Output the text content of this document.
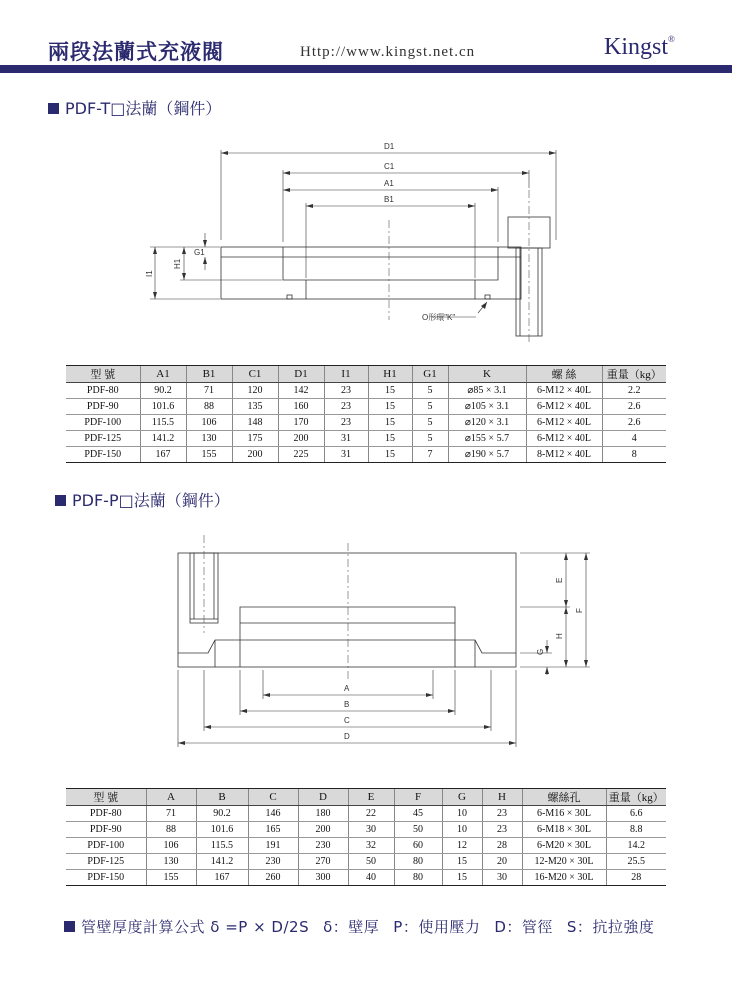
兩段法蘭式充液閥	Http://www.kingst.net.cn	Kingst®
PDF-T□法蘭（鋼件）
D1
C1
A1
B1
G1
H1
I1
O形環"K"
型 號	A1	B1	C1	D1	I1	H1	G1	K	螺 絲	重量（kg）
PDF-80	90.2	71	120	142	23	15	5	⌀85 × 3.1	6-M12 × 40L	2.2
PDF-90	101.6	88	135	160	23	15	5	⌀105 × 3.1	6-M12 × 40L	2.6
PDF-100	115.5	106	148	170	23	15	5	⌀120 × 3.1	6-M12 × 40L	2.6
PDF-125	141.2	130	175	200	31	15	5	⌀155 × 5.7	6-M12 × 40L	4
PDF-150	167	155	200	225	31	15	7	⌀190 × 5.7	8-M12 × 40L	8
PDF-P□法蘭（鋼件）
A
B
C
D
E
F
H
G
型 號	A	B	C	D	E	F	G	H	螺絲孔	重量（kg）
PDF-80	71	90.2	146	180	22	45	10	23	6-M16 × 30L	6.6
PDF-90	88	101.6	165	200	30	50	10	23	6-M18 × 30L	8.8
PDF-100	106	115.5	191	230	32	60	12	28	6-M20 × 30L	14.2
PDF-125	130	141.2	230	270	50	80	15	20	12-M20 × 30L	25.5
PDF-150	155	167	260	300	40	80	15	30	16-M20 × 30L	28
管壁厚度計算公式 δ =P × D/2S δ：壁厚 P：使用壓力 D：管徑 S：抗拉強度
